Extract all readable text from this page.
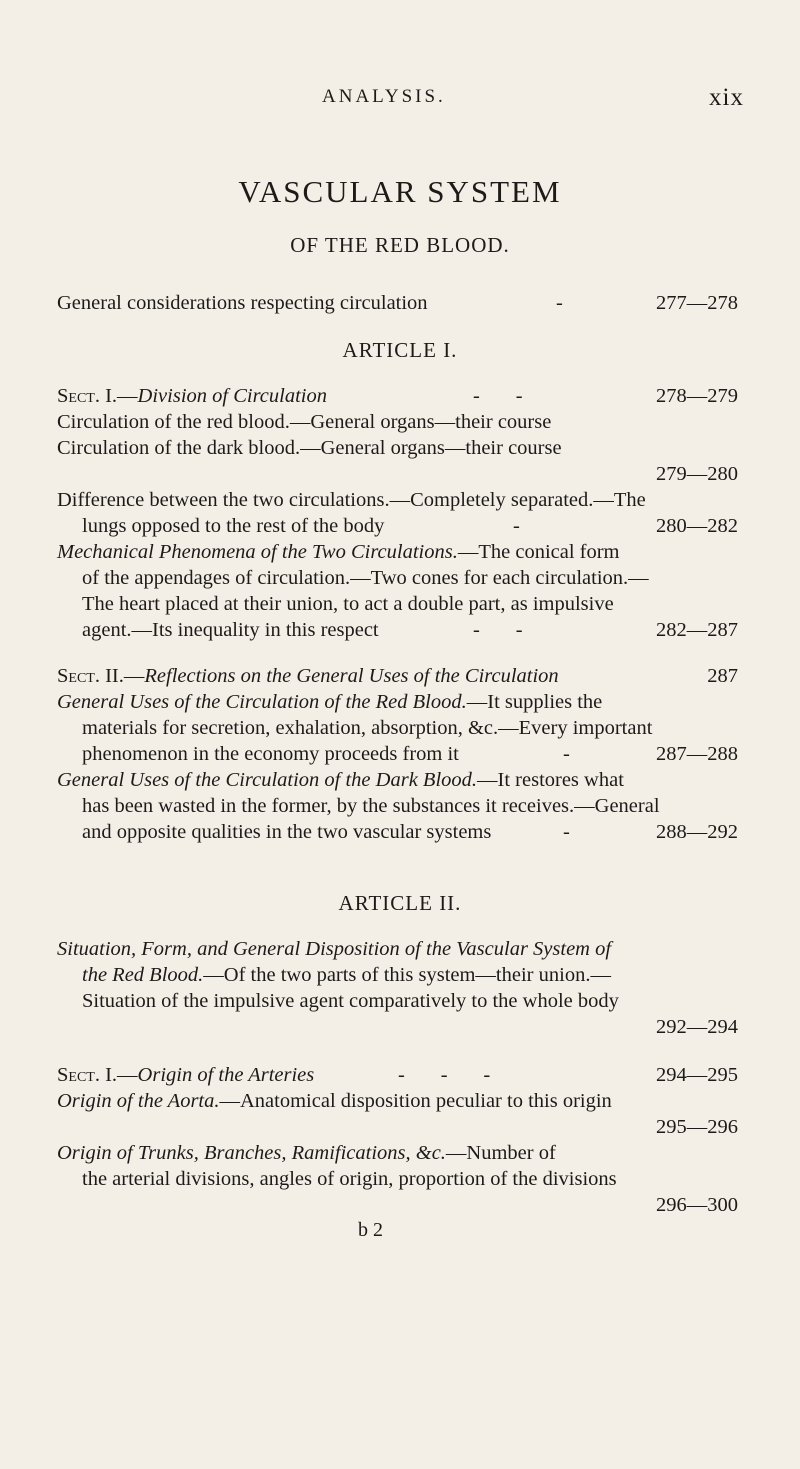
ANALYSIS.	xix
VASCULAR SYSTEM
OF THE RED BLOOD.
General considerations respecting circulation	-	277—278
ARTICLE I.
Sect. I.—Division of Circulation	-       -	278—279
Circulation of the red blood.—General organs—their course
Circulation of the dark blood.—General organs—their course
279—280
Difference between the two circulations.—Completely separated.—The
lungs opposed to the rest of the body	-	280—282
Mechanical Phenomena of the Two Circulations.—The conical form
of the appendages of circulation.—Two cones for each circulation.—
The heart placed at their union, to act a double part, as impulsive
agent.—Its inequality in this respect	-       -	282—287
Sect. II.—Reflections on the General Uses of the Circulation	287
General Uses of the Circulation of the Red Blood.—It supplies the
materials for secretion, exhalation, absorption, &c.—Every important
phenomenon in the economy proceeds from it	-	287—288
General Uses of the Circulation of the Dark Blood.—It restores what
has been wasted in the former, by the substances it receives.—General
and opposite qualities in the two vascular systems	-	288—292
ARTICLE II.
Situation, Form, and General Disposition of the Vascular System of
the Red Blood.—Of the two parts of this system—their union.—
Situation of the impulsive agent comparatively to the whole body
292—294
Sect. I.—Origin of the Arteries	-       -       -	294—295
Origin of the Aorta.—Anatomical disposition peculiar to this origin
295—296
Origin of Trunks, Branches, Ramifications, &c.—Number of
the arterial divisions, angles of origin, proportion of the divisions
296—300
b 2
